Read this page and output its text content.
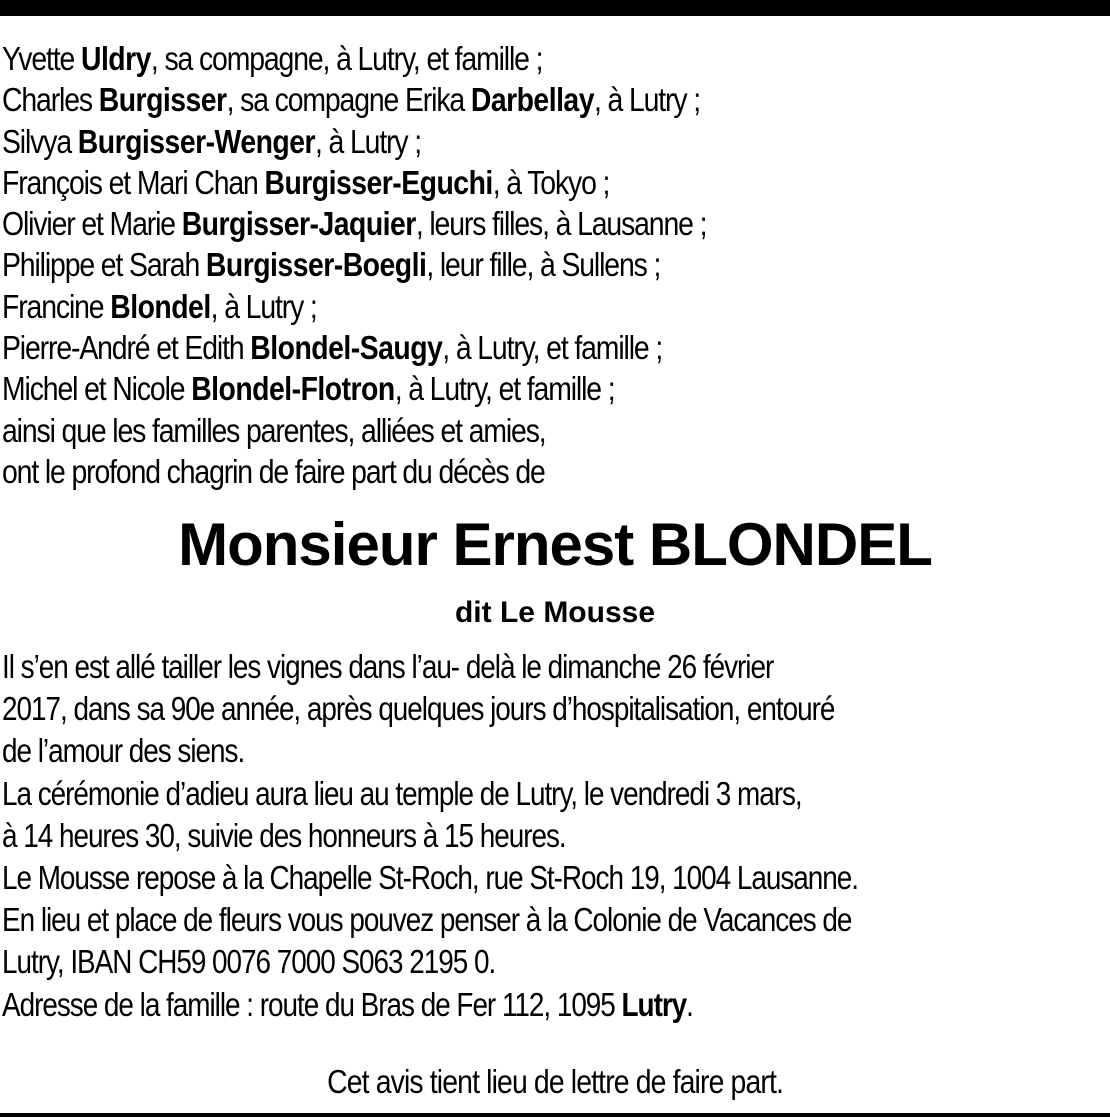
Yvette Uldry, sa compagne, à Lutry, et famille ;
Charles Burgisser, sa compagne Erika Darbellay, à Lutry ;
Silvya Burgisser-Wenger, à Lutry ;
François et Mari Chan Burgisser-Eguchi, à Tokyo ;
Olivier et Marie Burgisser-Jaquier, leurs filles, à Lausanne ;
Philippe et Sarah Burgisser-Boegli, leur fille, à Sullens ;
Francine Blondel, à Lutry ;
Pierre-André et Edith Blondel-Saugy, à Lutry, et famille ;
Michel et Nicole Blondel-Flotron, à Lutry, et famille ;
ainsi que les familles parentes, alliées et amies,
ont le profond chagrin de faire part du décès de
Monsieur Ernest BLONDEL
dit Le Mousse
Il s’en est allé tailler les vignes dans l’au- delà le dimanche 26 février
2017, dans sa 90e année, après quelques jours d’hospitalisation, entouré
de l’amour des siens.
La cérémonie d’adieu aura lieu au temple de Lutry, le vendredi 3 mars,
à 14 heures 30, suivie des honneurs à 15 heures.
Le Mousse repose à la Chapelle St-Roch, rue St-Roch 19, 1004 Lausanne.
En lieu et place de fleurs vous pouvez penser à la Colonie de Vacances de
Lutry, IBAN CH59 0076 7000 S063 2195 0.
Adresse de la famille : route du Bras de Fer 112, 1095 Lutry.
Cet avis tient lieu de lettre de faire part.
